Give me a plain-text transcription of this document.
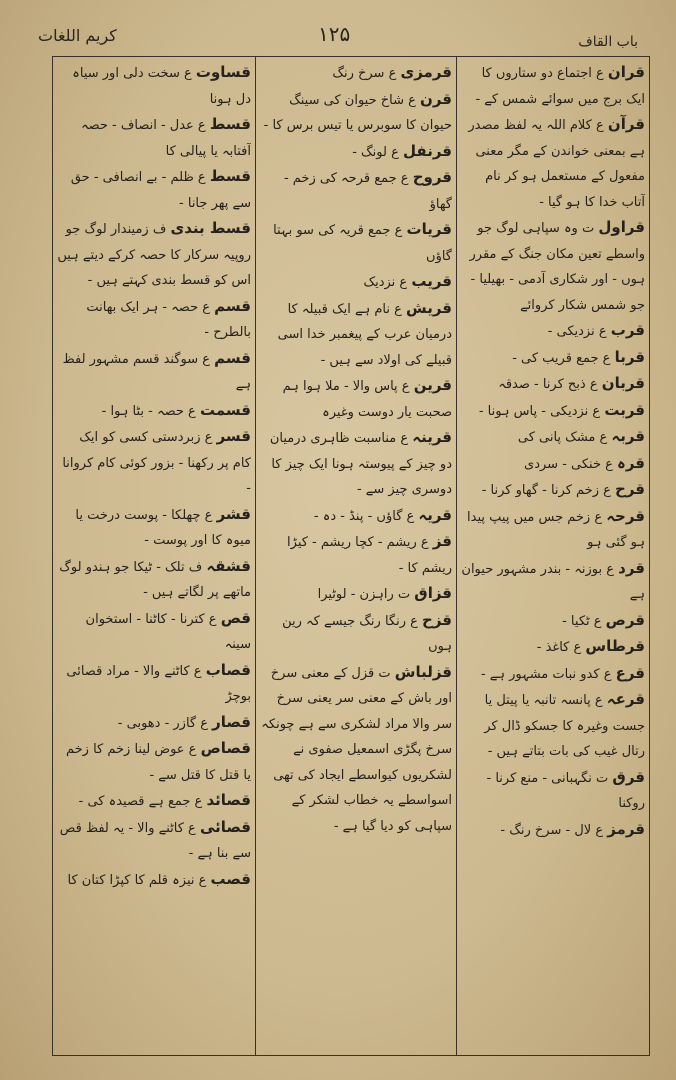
کریم اللغات	۱۲۵	باب القاف

قساوت ع سخت دلی اور سیاہ دل ہونا

قسط ع عدل - انصاف - حصہ آفتابہ یا پیالی کا

قسط ع ظلم - بے انصافی - حق سے پھر جانا -

قسط بندی ف زمیندار لوگ جو روپیہ سرکار کا حصہ کرکے دیتے ہیں اس کو قسط بندی کہتے ہیں -

قسم ع حصہ - ہر ایک بھانت بالطرح -

قسم ع سوگند قسم مشہور لفظ ہے

قسمت ع حصہ - بٹا ہوا -

قسر ع زبردستی کسی کو ایک کام پر رکھنا - بزور کوئی کام کروانا -

قشر ع چھلکا - پوست درخت یا میوہ کا اور پوست -

قشقہ ف تلک - ٹیکا جو ہندو لوگ ماتھے پر لگاتے ہیں -

قص ع کترنا - کاٹنا - استخوان سینہ

قصاب ع کاٹنے والا - مراد قصائی بوچڑ

قصار ع گازر - دھوبی -

قصاص ع عوض لینا زخم کا زخم یا قتل کا قتل سے -

قصائد ع جمع ہے قصیدہ کی -

قصائی ع کاٹنے والا - یہ لفظ قص سے بنا ہے -

قصب ع نیزہ قلم کا کپڑا کتان کا

قرمزی ع سرخ رنگ

قرن ع شاخ حیوان کی سینگ حیوان کا سوبرس یا تیس برس کا -

قرنفل ع لونگ -

قروح ع جمع قرحہ کی زخم - گھاؤ

قریات ع جمع قریہ کی سو بہتا گاؤں

قریب ع نزدیک

قریش ع نام ہے ایک قبیلہ کا درمیان عرب کے پیغمبر خدا اسی قبیلے کی اولاد سے ہیں -

قرین ع پاس والا - ملا ہوا ہم صحبت یار دوست وغیرہ

قرینہ ع مناسبت ظاہری درمیان دو چیز کے پیوستہ ہونا ایک چیز کا دوسری چیز سے -

قریہ ع گاؤں - پنڈ - دہ -

قز ع ریشم - کچا ریشم - کیڑا ریشم کا -

قزاق ت راہزن - لوٹیرا

قزح ع رنگا رنگ جیسے کہ رین ہوں

قزلباش ت قزل کے معنی سرخ اور باش کے معنی سر یعنی سرخ سر والا مراد لشکری سے ہے چونکہ سرخ پگڑی اسمعیل صفوی نے لشکریوں کیواسطے ایجاد کی تھی اسواسطے یہ خطاب لشکر کے سپاہی کو دیا گیا ہے -

قران ع اجتماع دو ستاروں کا ایک برج میں سوائے شمس کے -

قرآن ع کلام اللہ یہ لفظ مصدر ہے بمعنی خواندن کے مگر معنی مفعول کے مستعمل ہو کر نام آتاب خدا کا ہو گیا -

قراول ت وہ سپاہی لوگ جو واسطے تعین مکان جنگ کے مقرر ہوں - اور شکاری آدمی - بھیلیا - جو شمس شکار کروائے

قرب ع نزدیکی -

قربا ع جمع قریب کی -

قربان ع ذبح کرنا - صدقہ

قربت ع نزدیکی - پاس ہونا -

قربہ ع مشک پانی کی

قرہ ع خنکی - سردی

قرح ع زخم کرنا - گھاو کرنا -

قرحہ ع زخم جس میں پیپ پیدا ہو گئی ہو

قرد ع بوزنہ - بندر مشہور حیوان ہے

قرص ع ٹکیا -

قرطاس ع کاغذ -

قرع ع کدو نبات مشہور ہے -

قرعہ ع پانسہ تانبہ یا پیتل یا جست وغیرہ کا جسکو ڈال کر رتال غیب کی بات بتاتے ہیں -

قرق ت نگہبانی - منع کرنا - روکنا

قرمز ع لال - سرخ رنگ -
